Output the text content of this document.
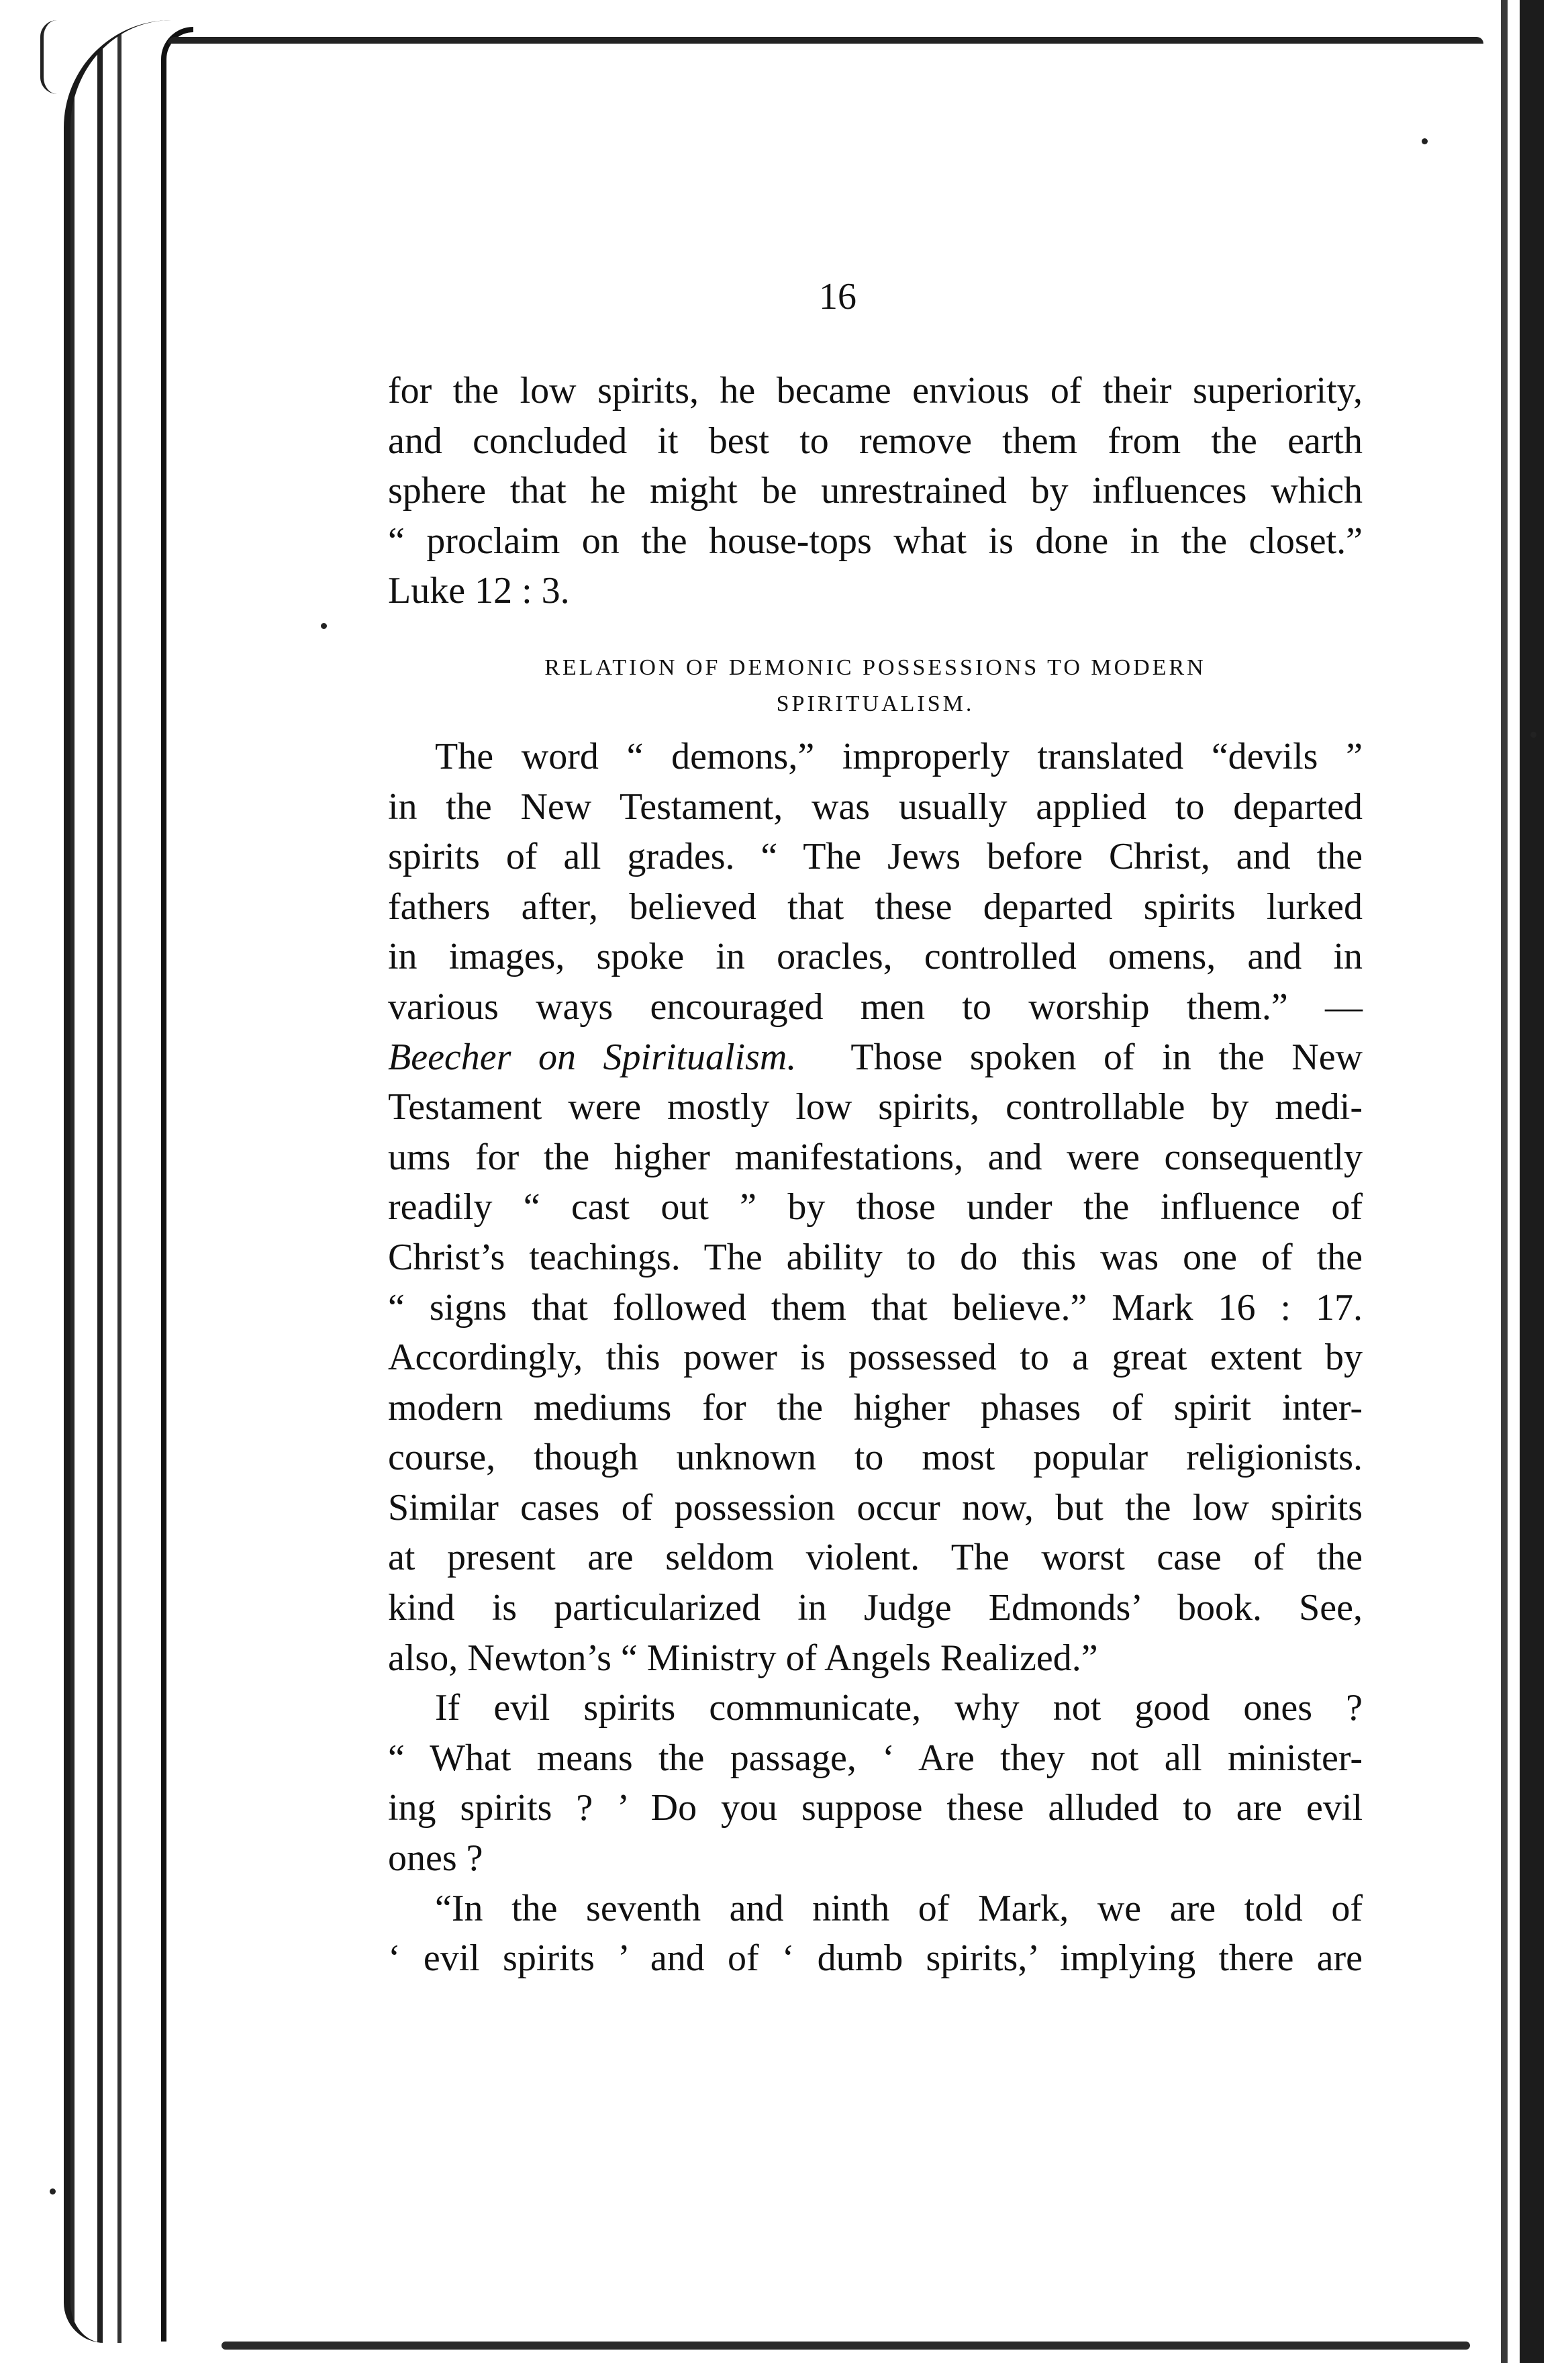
16
for the low spirits, he became envious of their superiority,
and concluded it best to remove them from the earth
sphere that he might be unrestrained by influences which
“ proclaim on the house-tops what is done in the closet.”
Luke 12 : 3.
RELATION OF DEMONIC POSSESSIONS TO MODERN
SPIRITUALISM.
The word “ demons,” improperly translated “devils ”
in the New Testament, was usually applied to departed
spirits of all grades. “ The Jews before Christ, and the
fathers after, believed that these departed spirits lurked
in images, spoke in oracles, controlled omens, and in
various ways encouraged men to worship them.” —
Beecher on Spiritualism. Those spoken of in the New
Testament were mostly low spirits, controllable by medi-
ums for the higher manifestations, and were consequently
readily “ cast out ” by those under the influence of
Christ’s teachings. The ability to do this was one of the
“ signs that followed them that believe.” Mark 16 : 17.
Accordingly, this power is possessed to a great extent by
modern mediums for the higher phases of spirit inter-
course, though unknown to most popular religionists.
Similar cases of possession occur now, but the low spirits
at present are seldom violent. The worst case of the
kind is particularized in Judge Edmonds’ book. See,
also, Newton’s “ Ministry of Angels Realized.”
If evil spirits communicate, why not good ones ?
“ What means the passage, ‘ Are they not all minister-
ing spirits ? ’ Do you suppose these alluded to are evil
ones ?
“In the seventh and ninth of Mark, we are told of
‘ evil spirits ’ and of ‘ dumb spirits,’ implying there are
